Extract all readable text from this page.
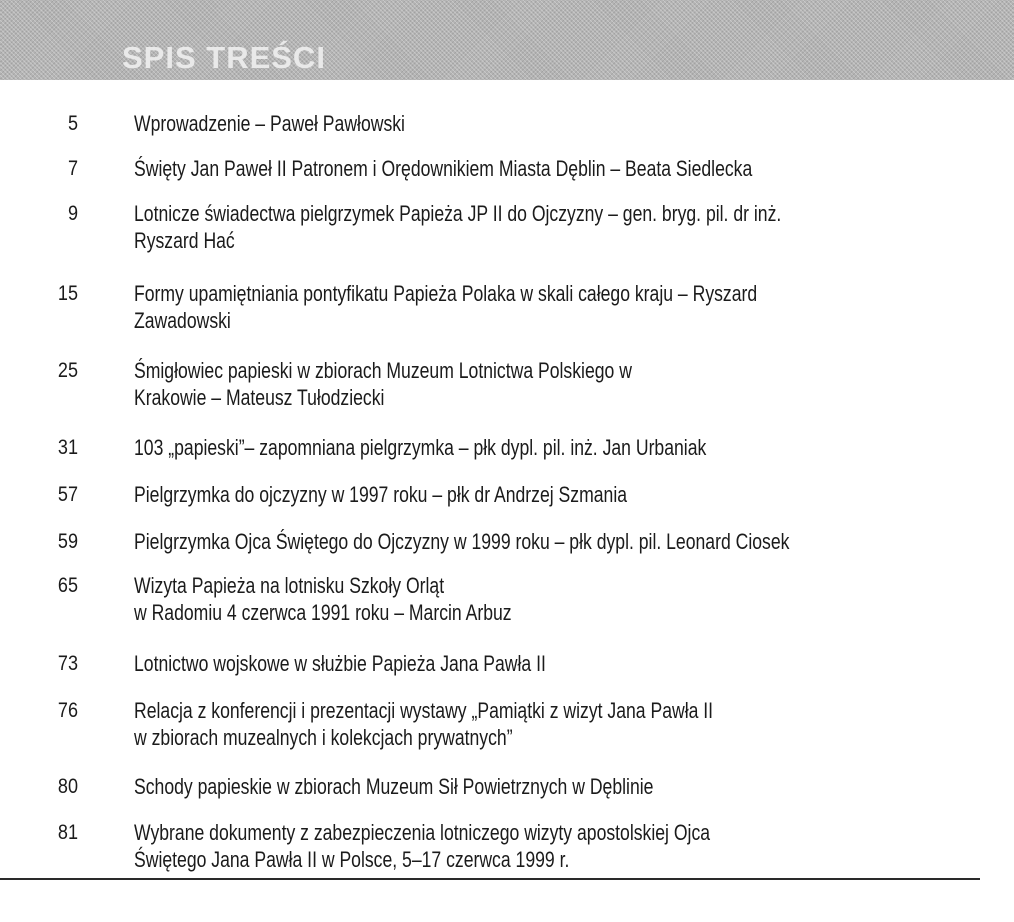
SPIS TREŚCI
5	Wprowadzenie – Paweł Pawłowski
7	Święty Jan Paweł II Patronem i Orędownikiem Miasta Dęblin – Beata Siedlecka
9	Lotnicze świadectwa pielgrzymek Papieża JP II do Ojczyzny – gen. bryg. pil. dr inż.
Ryszard Hać
15	Formy upamiętniania pontyfikatu Papieża Polaka w skali całego kraju – Ryszard
Zawadowski
25	Śmigłowiec papieski w zbiorach Muzeum Lotnictwa Polskiego w
Krakowie – Mateusz Tułodziecki
31	103 „papieski”– zapomniana pielgrzymka – płk dypl. pil. inż. Jan Urbaniak
57	Pielgrzymka do ojczyzny w 1997 roku – płk dr Andrzej Szmania
59	Pielgrzymka Ojca Świętego do Ojczyzny w 1999 roku – płk dypl. pil. Leonard Ciosek
65	Wizyta Papieża na lotnisku Szkoły Orląt
w Radomiu 4 czerwca 1991 roku – Marcin Arbuz
73	Lotnictwo wojskowe w służbie Papieża Jana Pawła II
76	Relacja z konferencji i prezentacji wystawy „Pamiątki z wizyt Jana Pawła II
w zbiorach muzealnych i kolekcjach prywatnych”
80	Schody papieskie w zbiorach Muzeum Sił Powietrznych w Dęblinie
81	Wybrane dokumenty z zabezpieczenia lotniczego wizyty apostolskiej Ojca
Świętego Jana Pawła II w Polsce, 5–17 czerwca 1999 r.
